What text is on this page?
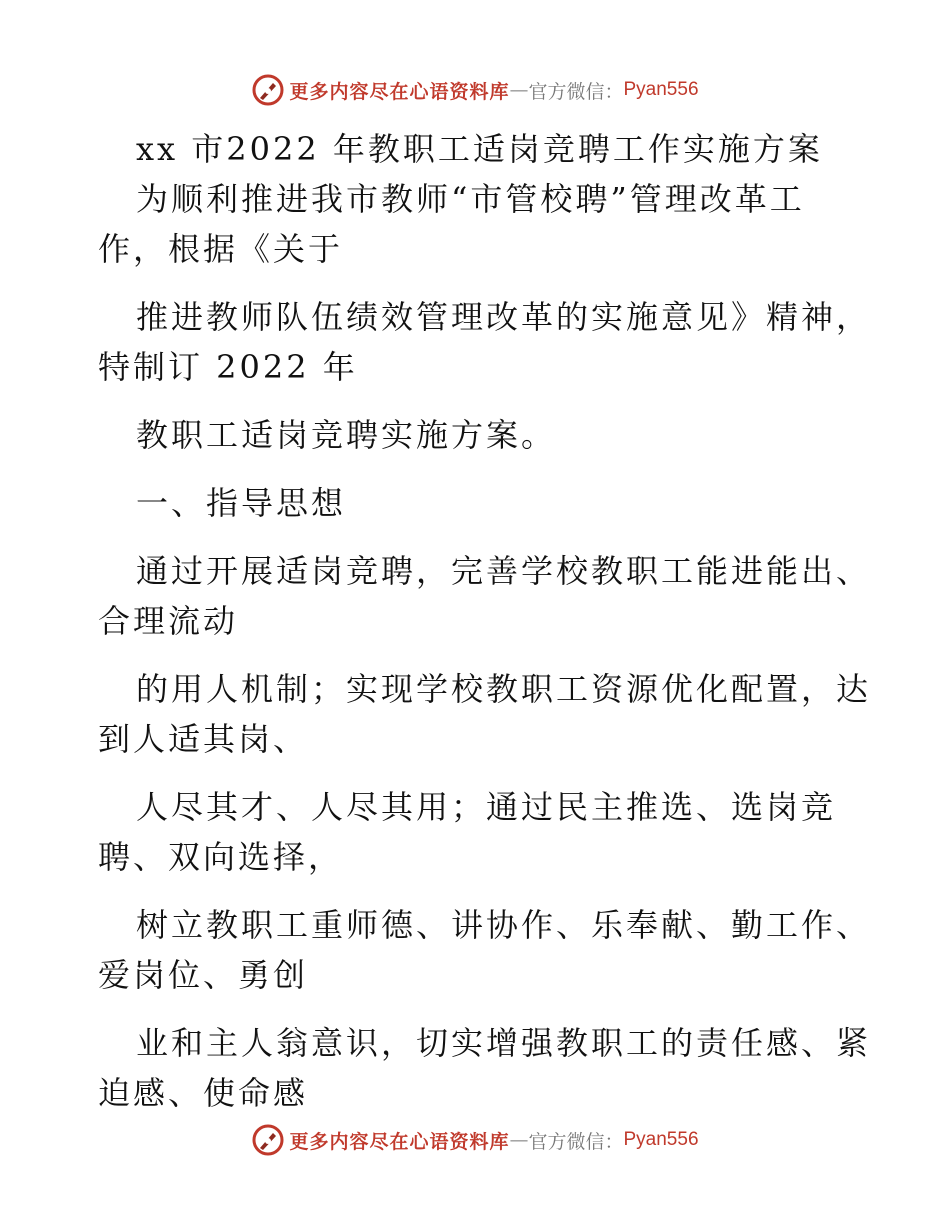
更多内容尽在心语资料库 — 官方微信： Pyan556
xx 市2022 年教职工适岗竞聘工作实施方案
为顺利推进我市教师“市管校聘”管理改革工
作，根据《关于
推进教师队伍绩效管理改革的实施意见》精神，
特制订 2022 年
教职工适岗竞聘实施方案。
一、指导思想
通过开展适岗竞聘，完善学校教职工能进能出、
合理流动
的用人机制；实现学校教职工资源优化配置，达
到人适其岗、
人尽其才、人尽其用；通过民主推选、选岗竞
聘、双向选择，
树立教职工重师德、讲协作、乐奉献、勤工作、
爱岗位、勇创
业和主人翁意识，切实增强教职工的责任感、紧
迫感、使命感
更多内容尽在心语资料库 — 官方微信： Pyan556
